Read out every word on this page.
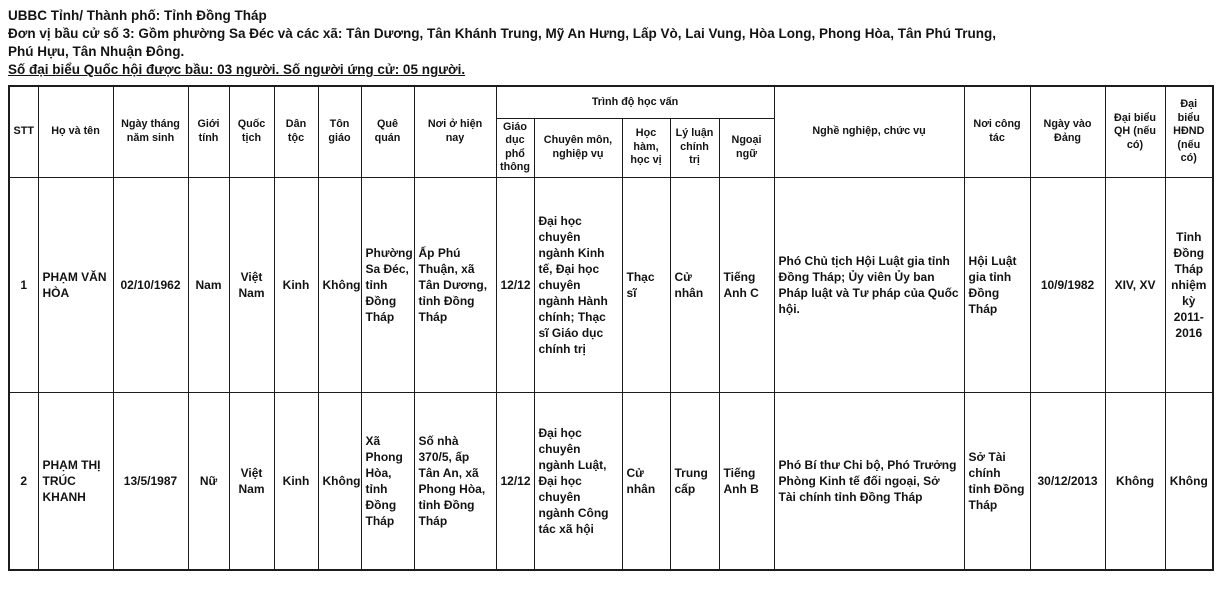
UBBC Tỉnh/ Thành phố: Tỉnh Đồng Tháp
Đơn vị bầu cử số 3: Gồm phường Sa Đéc và các xã: Tân Dương, Tân Khánh Trung, Mỹ An Hưng, Lấp Vò, Lai Vung, Hòa Long, Phong Hòa, Tân Phú Trung,
Phú Hựu, Tân Nhuận Đông.
Số đại biểu Quốc hội được bầu: 03 người. Số người ứng cử: 05 người.
STT	Họ và tên	Ngày tháng năm sinh	Giới tính	Quốc tịch	Dân tộc	Tôn giáo	Quê quán	Nơi ở hiện nay	Trình độ học vấn					Nghề nghiệp, chức vụ	Nơi công tác	Ngày vào Đảng	Đại biểu QH (nếu có)	Đại biểu HĐND (nếu có)
									Giáo dục phổ thông	Chuyên môn, nghiệp vụ	Học hàm, học vị	Lý luận chính trị	Ngoại ngữ					
1	PHẠM VĂN HÒA	02/10/1962	Nam	Việt Nam	Kinh	Không	Phường Sa Đéc, tỉnh Đồng Tháp	Ấp Phú Thuận, xã Tân Dương, tỉnh Đồng Tháp	12/12	Đại học chuyên ngành Kinh tế, Đại học chuyên ngành Hành chính; Thạc sĩ Giáo dục chính trị	Thạc sĩ	Cử nhân	Tiếng Anh C	Phó Chủ tịch Hội Luật gia tỉnh Đồng Tháp; Ủy viên Ủy ban Pháp luật và Tư pháp của Quốc hội.	Hội Luật gia tỉnh Đồng Tháp	10/9/1982	XIV, XV	Tỉnh Đồng Tháp nhiệm kỳ 2011-2016
2	PHẠM THỊ TRÚC KHANH	13/5/1987	Nữ	Việt Nam	Kinh	Không	Xã Phong Hòa, tỉnh Đồng Tháp	Số nhà 370/5, ấp Tân An, xã Phong Hòa, tỉnh Đồng Tháp	12/12	Đại học chuyên ngành Luật, Đại học chuyên ngành Công tác xã hội	Cử nhân	Trung cấp	Tiếng Anh B	Phó Bí thư Chi bộ, Phó Trưởng Phòng Kinh tế đối ngoại, Sở Tài chính tỉnh Đồng Tháp	Sở Tài chính tỉnh Đồng Tháp	30/12/2013	Không	Không
